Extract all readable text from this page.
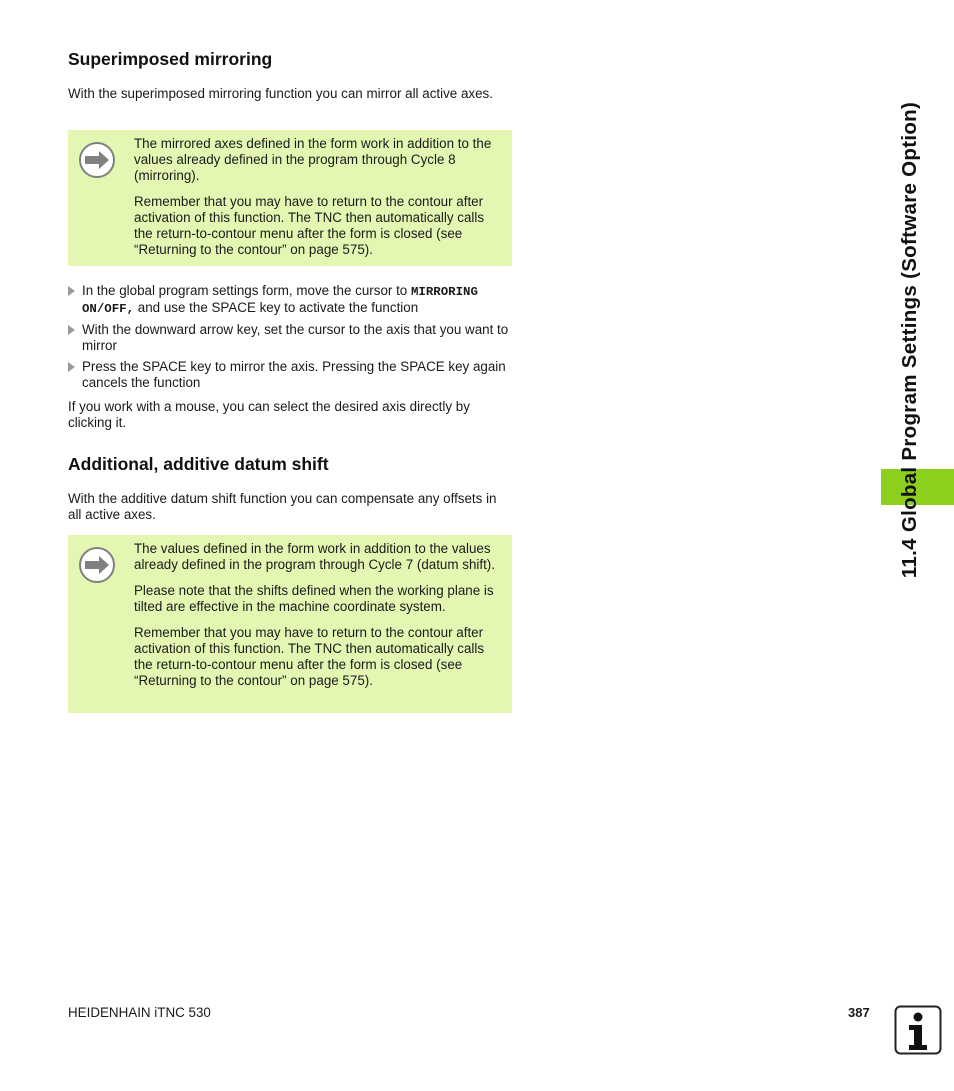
Superimposed mirroring

With the superimposed mirroring function you can mirror all active axes.

The mirrored axes defined in the form work in addition to the values already defined in the program through Cycle 8 (mirroring).

Remember that you may have to return to the contour after activation of this function. The TNC then automatically calls the return-to-contour menu after the form is closed (see “Returning to the contour” on page 575).

In the global program settings form, move the cursor to MIRRORING ON/OFF, and use the SPACE key to activate the function
With the downward arrow key, set the cursor to the axis that you want to mirror
Press the SPACE key to mirror the axis. Pressing the SPACE key again cancels the function

If you work with a mouse, you can select the desired axis directly by clicking it.

Additional, additive datum shift

With the additive datum shift function you can compensate any offsets in all active axes.

The values defined in the form work in addition to the values already defined in the program through Cycle 7 (datum shift).

Please note that the shifts defined when the working plane is tilted are effective in the machine coordinate system.

Remember that you may have to return to the contour after activation of this function. The TNC then automatically calls the return-to-contour menu after the form is closed (see “Returning to the contour” on page 575).

11.4 Global Program Settings (Software Option)
HEIDENHAIN iTNC 530	387
